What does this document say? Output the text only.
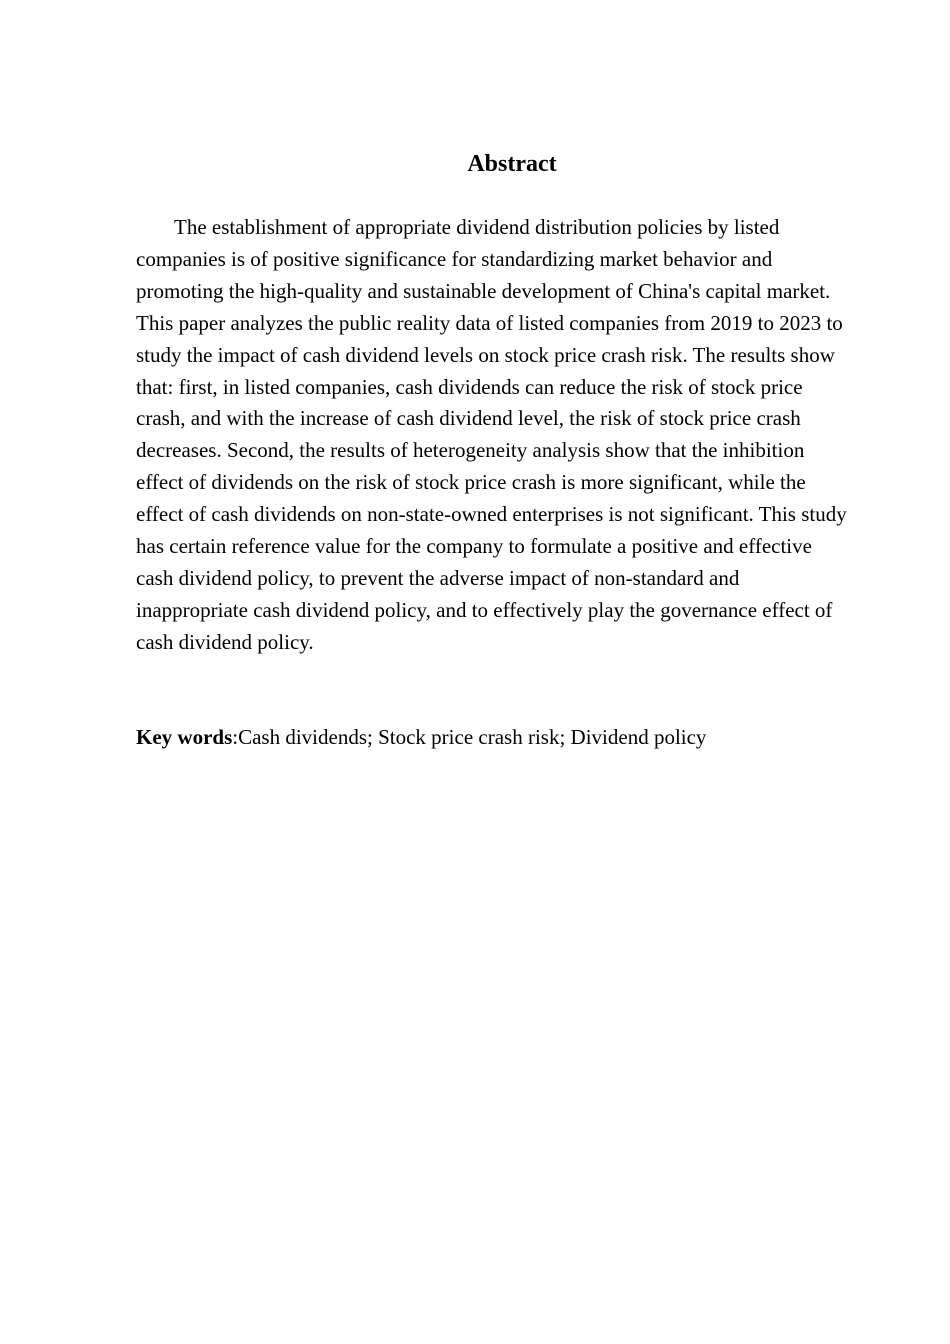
Abstract

The establishment of appropriate dividend distribution policies by listed companies is of positive significance for standardizing market behavior and promoting the high-quality and sustainable development of China's capital market. This paper analyzes the public reality data of listed companies from 2019 to 2023 to study the impact of cash dividend levels on stock price crash risk. The results show that: first, in listed companies, cash dividends can reduce the risk of stock price crash, and with the increase of cash dividend level, the risk of stock price crash decreases. Second, the results of heterogeneity analysis show that the inhibition effect of dividends on the risk of stock price crash is more significant, while the effect of cash dividends on non-state-owned enterprises is not significant. This study has certain reference value for the company to formulate a positive and effective cash dividend policy, to prevent the adverse impact of non-standard and inappropriate cash dividend policy, and to effectively play the governance effect of cash dividend policy.

Key words:Cash dividends; Stock price crash risk; Dividend policy
